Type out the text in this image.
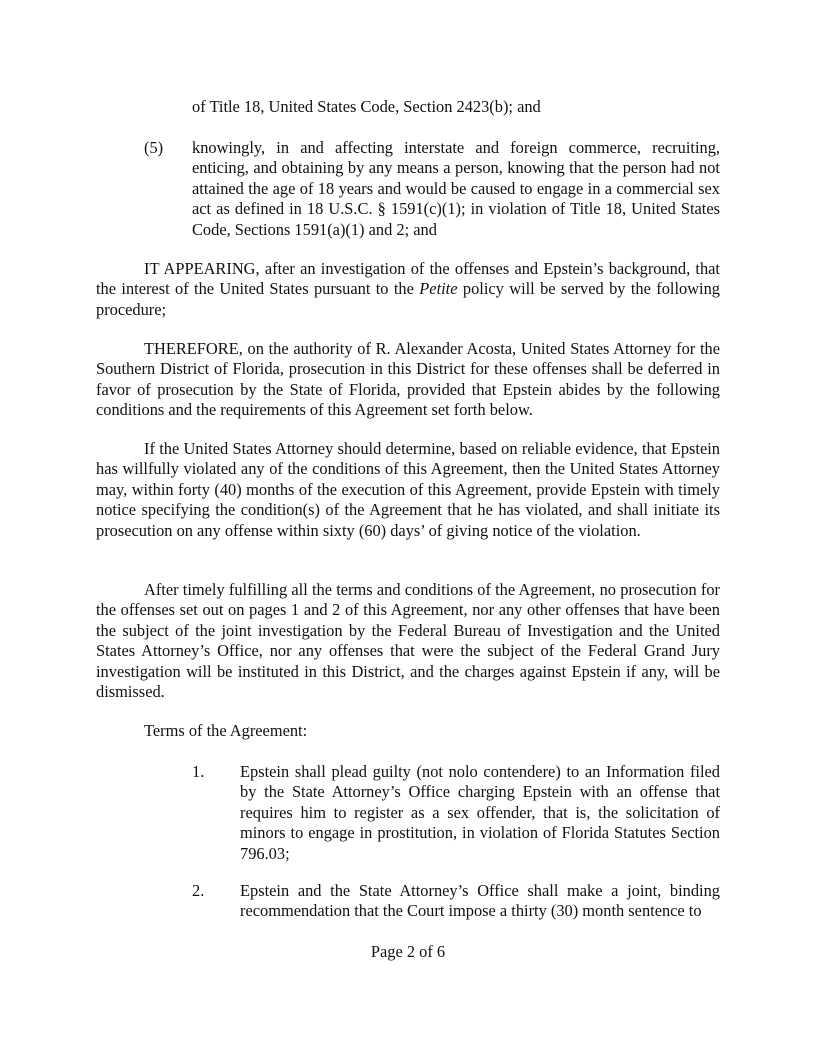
of Title 18, United States Code, Section 2423(b); and

(5) knowingly, in and affecting interstate and foreign commerce, recruiting, enticing, and obtaining by any means a person, knowing that the person had not attained the age of 18 years and would be caused to engage in a commercial sex act as defined in 18 U.S.C. § 1591(c)(1); in violation of Title 18, United States Code, Sections 1591(a)(1) and 2; and

IT APPEARING, after an investigation of the offenses and Epstein’s background, that the interest of the United States pursuant to the Petite policy will be served by the following procedure;

THEREFORE, on the authority of R. Alexander Acosta, United States Attorney for the Southern District of Florida, prosecution in this District for these offenses shall be deferred in favor of prosecution by the State of Florida, provided that Epstein abides by the following conditions and the requirements of this Agreement set forth below.

If the United States Attorney should determine, based on reliable evidence, that Epstein has willfully violated any of the conditions of this Agreement, then the United States Attorney may, within forty (40) months of the execution of this Agreement, provide Epstein with timely notice specifying the condition(s) of the Agreement that he has violated, and shall initiate its prosecution on any offense within sixty (60) days’ of giving notice of the violation.

After timely fulfilling all the terms and conditions of the Agreement, no prosecution for the offenses set out on pages 1 and 2 of this Agreement, nor any other offenses that have been the subject of the joint investigation by the Federal Bureau of Investigation and the United States Attorney’s Office, nor any offenses that were the subject of the Federal Grand Jury investigation will be instituted in this District, and the charges against Epstein if any, will be dismissed.

Terms of the Agreement:

1. Epstein shall plead guilty (not nolo contendere) to an Information filed by the State Attorney’s Office charging Epstein with an offense that requires him to register as a sex offender, that is, the solicitation of minors to engage in prostitution, in violation of Florida Statutes Section 796.03;

2. Epstein and the State Attorney’s Office shall make a joint, binding recommendation that the Court impose a thirty (30) month sentence to

Page 2 of 6
